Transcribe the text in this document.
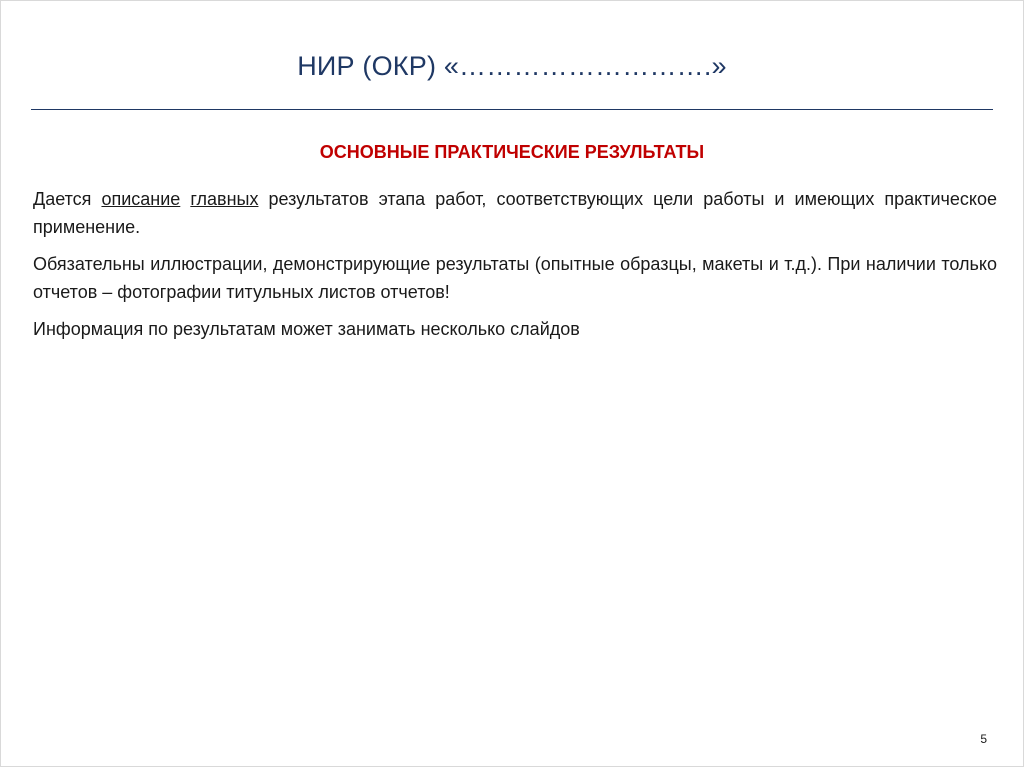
НИР (ОКР) «……………………….»
ОСНОВНЫЕ ПРАКТИЧЕСКИЕ РЕЗУЛЬТАТЫ

Дается описание главных результатов этапа работ, соответствующих цели работы и имеющих практическое применение.

Обязательны иллюстрации, демонстрирующие результаты (опытные образцы, макеты и т.д.). При наличии только отчетов – фотографии титульных листов отчетов!

Информация по результатам может занимать несколько слайдов

5
